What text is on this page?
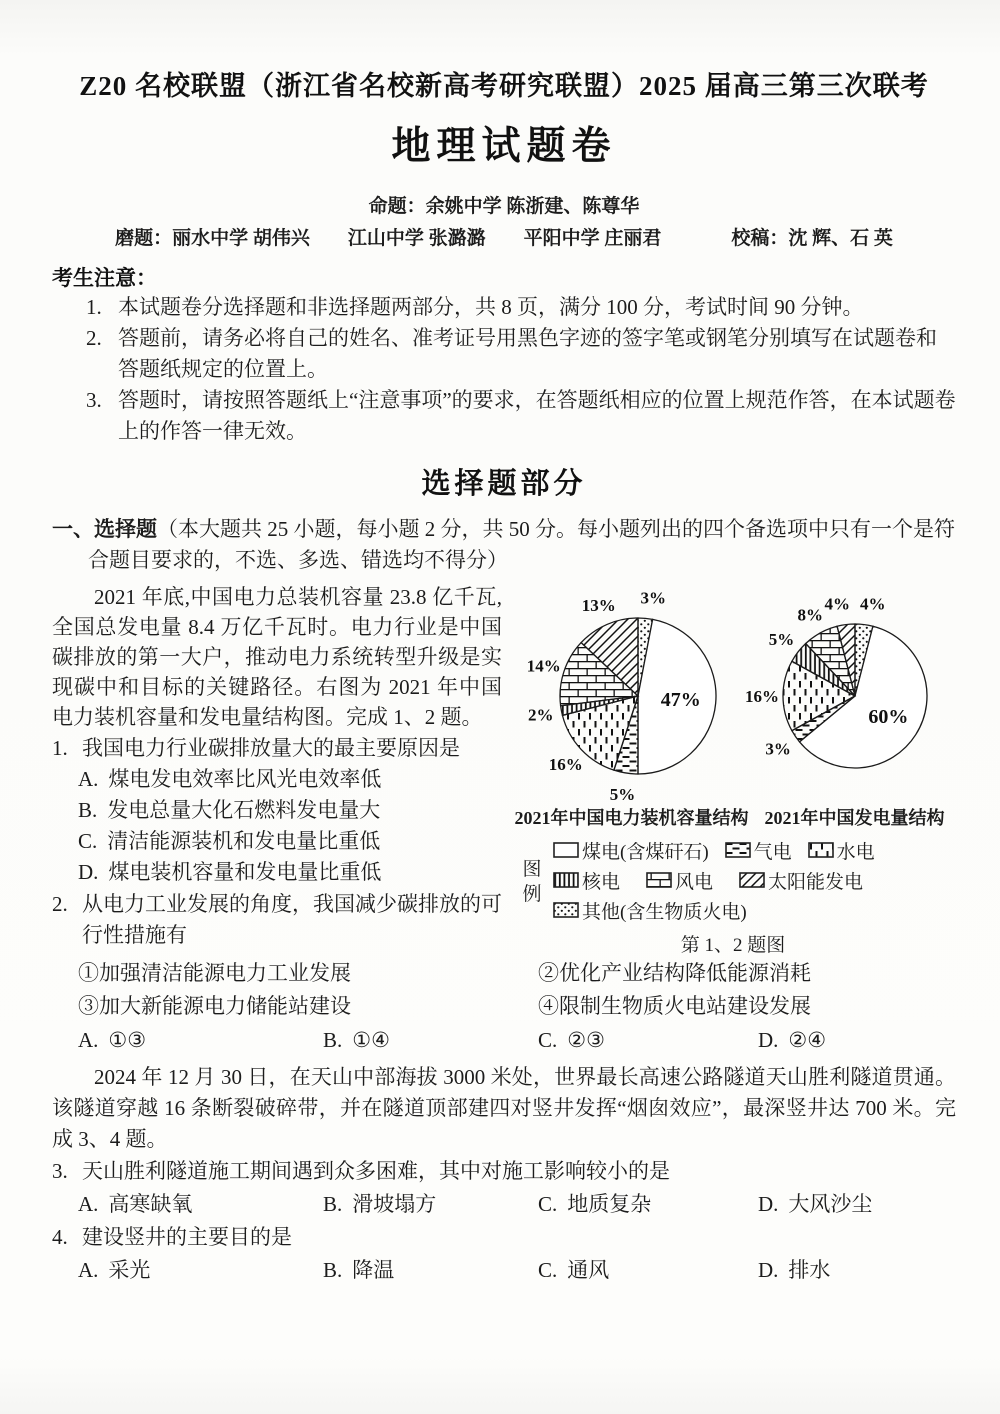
Z20 名校联盟（浙江省名校新高考研究联盟）2025 届高三第三次联考
地理试题卷
命题：余姚中学 陈浙建、陈尊华
磨题：丽水中学 胡伟兴　　江山中学 张潞潞　　平阳中学 庄丽君	校稿：沈 辉、石 英
考生注意：
1. 本试题卷分选择题和非选择题两部分，共 8 页，满分 100 分，考试时间 90 分钟。
2. 答题前，请务必将自己的姓名、准考证号用黑色字迹的签字笔或钢笔分别填写在试题卷和答题纸规定的位置上。
3. 答题时，请按照答题纸上“注意事项”的要求，在答题纸相应的位置上规范作答，在本试题卷上的作答一律无效。
选择题部分
一、选择题（本大题共 25 小题，每小题 2 分，共 50 分。每小题列出的四个备选项中只有一个是符合题目要求的，不选、多选、错选均不得分）
3%
47%
5%
16%
2%
14%
13%	4%
60%
3%
16%
5%
8%
4%
2021年中国电力装机容量结构 2021年中国发电量结构
图
例
煤电(含煤矸石) 气电 水电
核电	风电	太阳能发电
其他(含生物质火电)
第 1、2 题图
2021 年底,中国电力总装机容量 23.8 亿千瓦,全国总发电量 8.4 万亿千瓦时。电力行业是中国碳排放的第一大户，推动电力系统转型升级是实现碳中和目标的关键路径。右图为 2021 年中国电力装机容量和发电量结构图。完成 1、2 题。
1. 我国电力行业碳排放量大的最主要原因是
A. 煤电发电效率比风光电效率低
B. 发电总量大化石燃料发电量大
C. 清洁能源装机和发电量比重低
D. 煤电装机容量和发电量比重低
2. 从电力工业发展的角度，我国减少碳排放的可行性措施有
①加强清洁能源电力工业发展	②优化产业结构降低能源消耗
③加大新能源电力储能站建设	④限制生物质火电站建设发展
A. ①③	B. ①④	C. ②③	D. ②④
2024 年 12 月 30 日，在天山中部海拔 3000 米处，世界最长高速公路隧道天山胜利隧道贯通。该隧道穿越 16 条断裂破碎带，并在隧道顶部建四对竖井发挥“烟囱效应”，最深竖井达 700 米。完成 3、4 题。
3. 天山胜利隧道施工期间遇到众多困难，其中对施工影响较小的是
A. 高寒缺氧	B. 滑坡塌方	C. 地质复杂	D. 大风沙尘
4. 建设竖井的主要目的是
A. 采光	B. 降温	C. 通风	D. 排水
